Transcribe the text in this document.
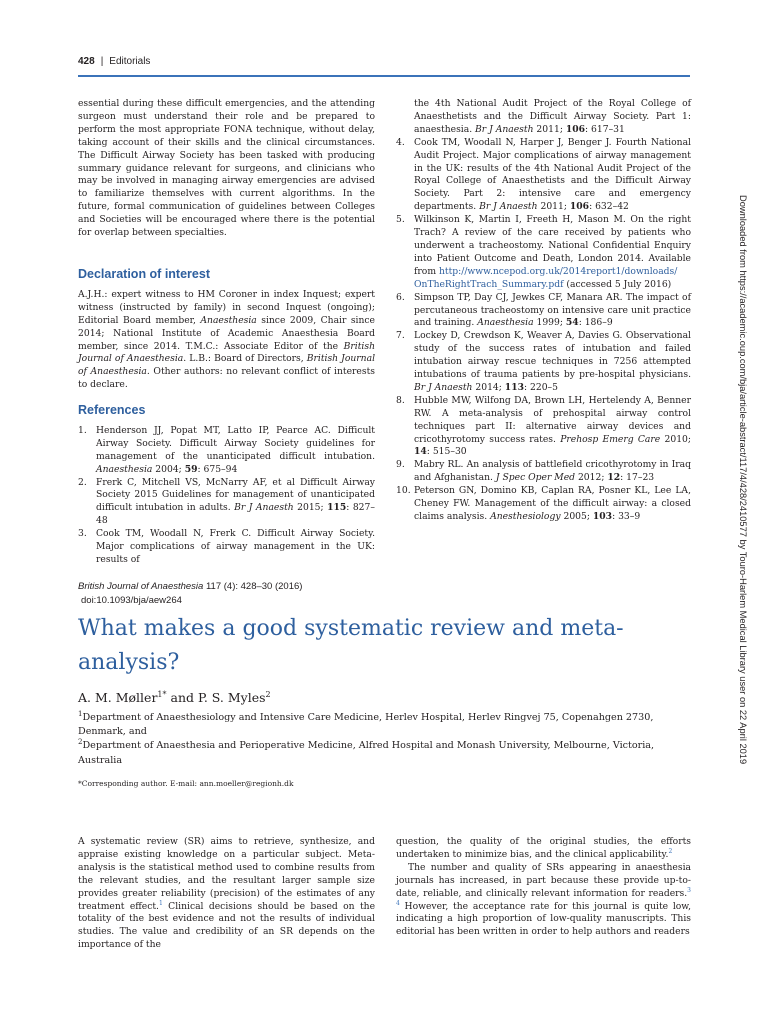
428 | Editorials

essential during these difficult emergencies, and the attending surgeon must understand their role and be prepared to perform the most appropriate FONA technique, without delay, taking account of their skills and the clinical circumstances. The Difficult Airway Society has been tasked with producing summary guidance relevant for surgeons, and clinicians who may be involved in managing airway emergencies are advised to familiarize themselves with current algorithms. In the future, formal communication of guidelines between Colleges and Societies will be encouraged where there is the potential for overlap between specialties.

Declaration of interest

A.J.H.: expert witness to HM Coroner in index Inquest; expert witness (instructed by family) in second Inquest (ongoing); Editorial Board member, Anaesthesia since 2009, Chair since 2014; National Institute of Academic Anaesthesia Board member, since 2014. T.M.C.: Associate Editor of the British Journal of Anaesthesia. L.B.: Board of Directors, British Journal of Anaesthesia. Other authors: no relevant conflict of interests to declare.

References

1. Henderson JJ, Popat MT, Latto IP, Pearce AC. Difficult Airway Society. Difficult Airway Society guidelines for management of the unanticipated difficult intubation. Anaesthesia 2004; 59: 675–94

2. Frerk C, Mitchell VS, McNarry AF, et al Difficult Airway Society 2015 Guidelines for management of unanticipated difficult intubation in adults. Br J Anaesth 2015; 115: 827–48

3. Cook TM, Woodall N, Frerk C. Difficult Airway Society. Major complications of airway management in the UK: results of

the 4th National Audit Project of the Royal College of Anaesthetists and the Difficult Airway Society. Part 1: anaesthesia. Br J Anaesth 2011; 106: 617–31

4. Cook TM, Woodall N, Harper J, Benger J. Fourth National Audit Project. Major complications of airway management in the UK: results of the 4th National Audit Project of the Royal College of Anaesthetists and the Difficult Airway Society. Part 2: intensive care and emergency departments. Br J Anaesth 2011; 106: 632–42

5. Wilkinson K, Martin I, Freeth H, Mason M. On the right Trach? A review of the care received by patients who underwent a tracheostomy. National Confidential Enquiry into Patient Outcome and Death, London 2014. Available from http://www.ncepod.org.uk/2014report1/downloads/
OnTheRightTrach_Summary.pdf (accessed 5 July 2016)

6. Simpson TP, Day CJ, Jewkes CF, Manara AR. The impact of percutaneous tracheostomy on intensive care unit practice and training. Anaesthesia 1999; 54: 186–9

7. Lockey D, Crewdson K, Weaver A, Davies G. Observational study of the success rates of intubation and failed intubation airway rescue techniques in 7256 attempted intubations of trauma patients by pre-hospital physicians. Br J Anaesth 2014; 113: 220–5

8. Hubble MW, Wilfong DA, Brown LH, Hertelendy A, Benner RW. A meta-analysis of prehospital airway control techniques part II: alternative airway devices and cricothyrotomy success rates. Prehosp Emerg Care 2010; 14: 515–30

9. Mabry RL. An analysis of battlefield cricothyrotomy in Iraq and Afghanistan. J Spec Oper Med 2012; 12: 17–23

10. Peterson GN, Domino KB, Caplan RA, Posner KL, Lee LA, Cheney FW. Management of the difficult airway: a closed claims analysis. Anesthesiology 2005; 103: 33–9

British Journal of Anaesthesia 117 (4): 428–30 (2016)
doi:10.1093/bja/aew264
What makes a good systematic review and meta-analysis?
A. M. Møller$^{1*}$ and P. S. Myles$^2$
$^1$Department of Anaesthesiology and Intensive Care Medicine, Herlev Hospital, Herlev Ringvej 75, Copenahgen 2730, Denmark, and
$^2$Department of Anaesthesia and Perioperative Medicine, Alfred Hospital and Monash University, Melbourne, Victoria, Australia
*Corresponding author. E-mail: ann.moeller@regionh.dk

A systematic review (SR) aims to retrieve, synthesize, and appraise existing knowledge on a particular subject. Meta-analysis is the statistical method used to combine results from the relevant studies, and the resultant larger sample size provides greater reliability (precision) of the estimates of any treatment effect.$^1$ Clinical decisions should be based on the totality of the best evidence and not the results of individual studies. The value and credibility of an SR depends on the importance of the

question, the quality of the original studies, the efforts undertaken to minimize bias, and the clinical applicability.$^2$

The number and quality of SRs appearing in anaesthesia journals has increased, in part because these provide up-to-date, reliable, and clinically relevant information for readers.$^{3 4}$ However, the acceptance rate for this journal is quite low, indicating a high proportion of low-quality manuscripts. This editorial has been written in order to help authors and readers

Downloaded from https://academic.oup.com/bja/article-abstract/117/4/428/2410577 by Touro-Harlem Medical Library user on 22 April 2019
